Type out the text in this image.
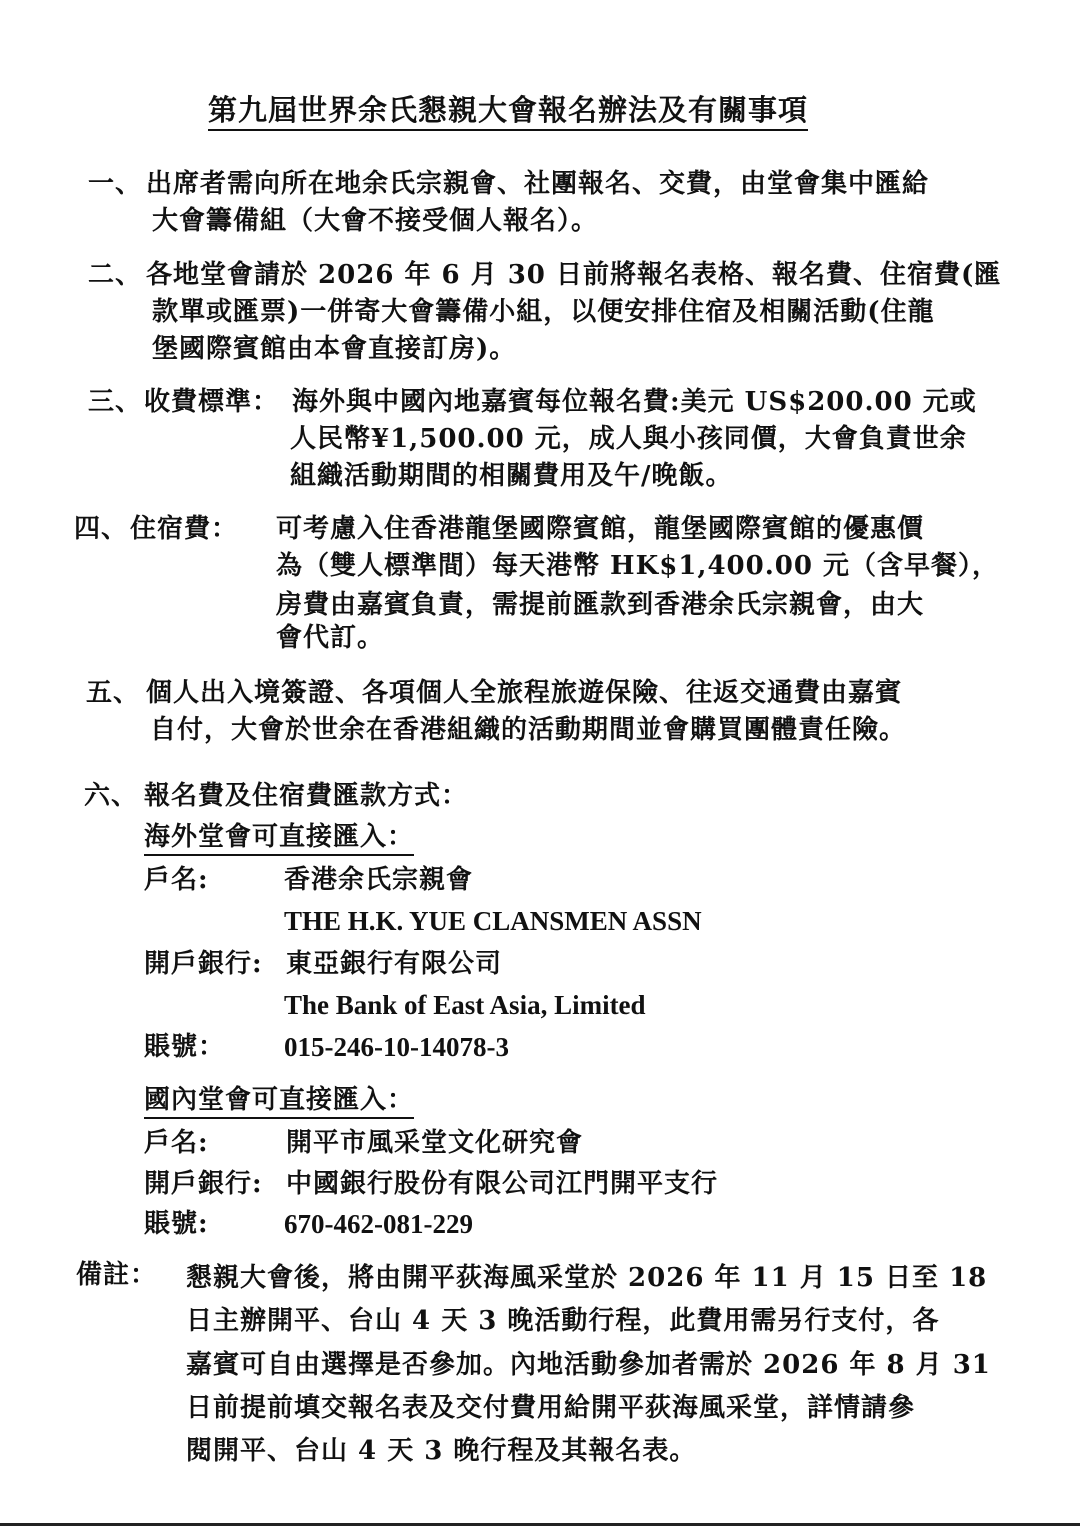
第九屆世界余氏懇親大會報名辦法及有關事項
一、 出席者需向所在地余氏宗親會、社團報名、交費，由堂會集中匯給
大會籌備組（大會不接受個人報名）。
二、 各地堂會請於 2026 年 6 月 30 日前將報名表格、報名費、住宿費(匯
款單或匯票)一併寄大會籌備小組，以便安排住宿及相關活動(住龍
堡國際賓館由本會直接訂房)。
三、 收費標準： 海外與中國內地嘉賓每位報名費:美元 US$200.00 元或
人民幣¥1,500.00 元，成人與小孩同價，大會負責世余
組織活動期間的相關費用及午/晚飯。
四、 住宿費： 可考慮入住香港龍堡國際賓館，龍堡國際賓館的優惠價
為（雙人標準間）每天港幣 HK$1,400.00 元（含早餐），
房費由嘉賓負責，需提前匯款到香港余氏宗親會，由大
會代訂。
五、 個人出入境簽證、各項個人全旅程旅遊保險、往返交通費由嘉賓
自付，大會於世余在香港組織的活動期間並會購買團體責任險。
六、 報名費及住宿費匯款方式：
海外堂會可直接匯入：
戶名:	香港余氏宗親會
THE H.K. YUE CLANSMEN ASSN
開戶銀行: 東亞銀行有限公司
The Bank of East Asia, Limited
賬號： 015-246-10-14078-3
國內堂會可直接匯入：
戶名:	開平市風采堂文化研究會
開戶銀行: 中國銀行股份有限公司江門開平支行
賬號:	670-462-081-229
備註： 懇親大會後，將由開平荻海風采堂於 2026 年 11 月 15 日至 18
日主辦開平、台山 4 天 3 晚活動行程，此費用需另行支付，各
嘉賓可自由選擇是否參加。內地活動參加者需於 2026 年 8 月 31
日前提前填交報名表及交付費用給開平荻海風采堂，詳情請參
閱開平、台山 4 天 3 晚行程及其報名表。
